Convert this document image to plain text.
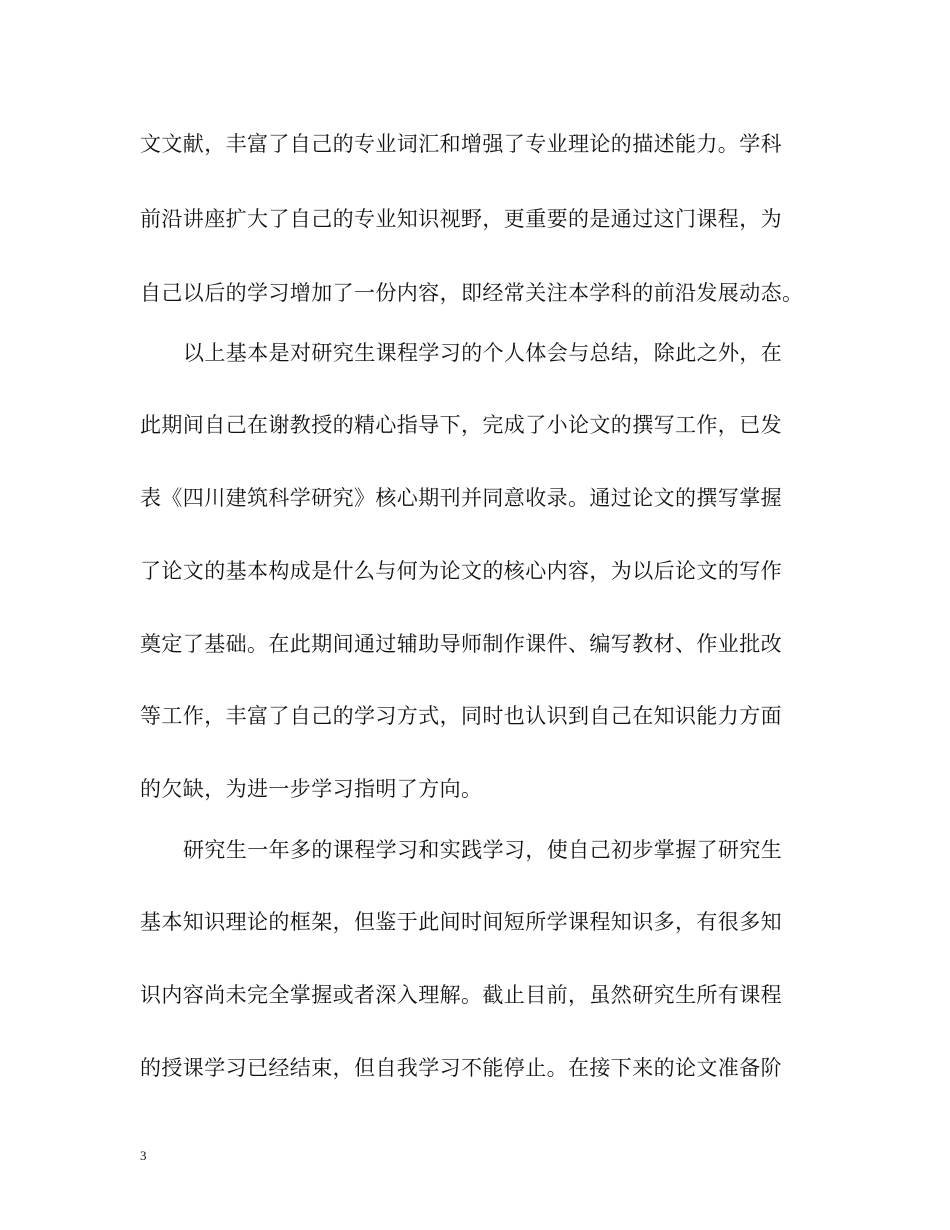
文文献，丰富了自己的专业词汇和增强了专业理论的描述能力。学科
前沿讲座扩大了自己的专业知识视野，更重要的是通过这门课程，为
自己以后的学习增加了一份内容，即经常关注本学科的前沿发展动态。
以上基本是对研究生课程学习的个人体会与总结，除此之外，在
此期间自己在谢教授的精心指导下，完成了小论文的撰写工作，已发
表《四川建筑科学研究》核心期刊并同意收录。通过论文的撰写掌握
了论文的基本构成是什么与何为论文的核心内容，为以后论文的写作
奠定了基础。在此期间通过辅助导师制作课件、编写教材、作业批改
等工作，丰富了自己的学习方式，同时也认识到自己在知识能力方面
的欠缺，为进一步学习指明了方向。
研究生一年多的课程学习和实践学习，使自己初步掌握了研究生
基本知识理论的框架，但鉴于此间时间短所学课程知识多，有很多知
识内容尚未完全掌握或者深入理解。截止目前，虽然研究生所有课程
的授课学习已经结束，但自我学习不能停止。在接下来的论文准备阶
3
